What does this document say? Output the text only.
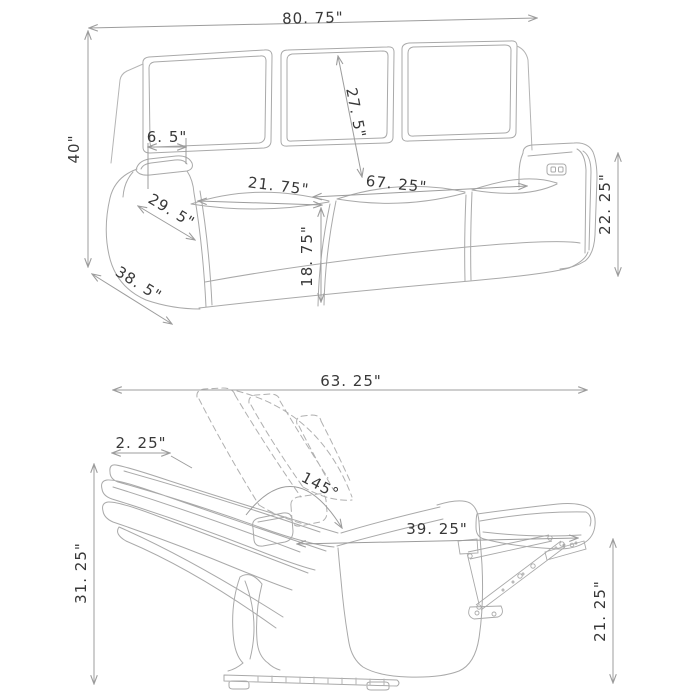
80. 75"
40"
38. 5"
6. 5"
29. 5"
21. 75"	67. 25"
27. 5"
18. 75"
22. 25"
63. 25"
2. 25"
31. 25"
145°
39. 25"
21. 25"
